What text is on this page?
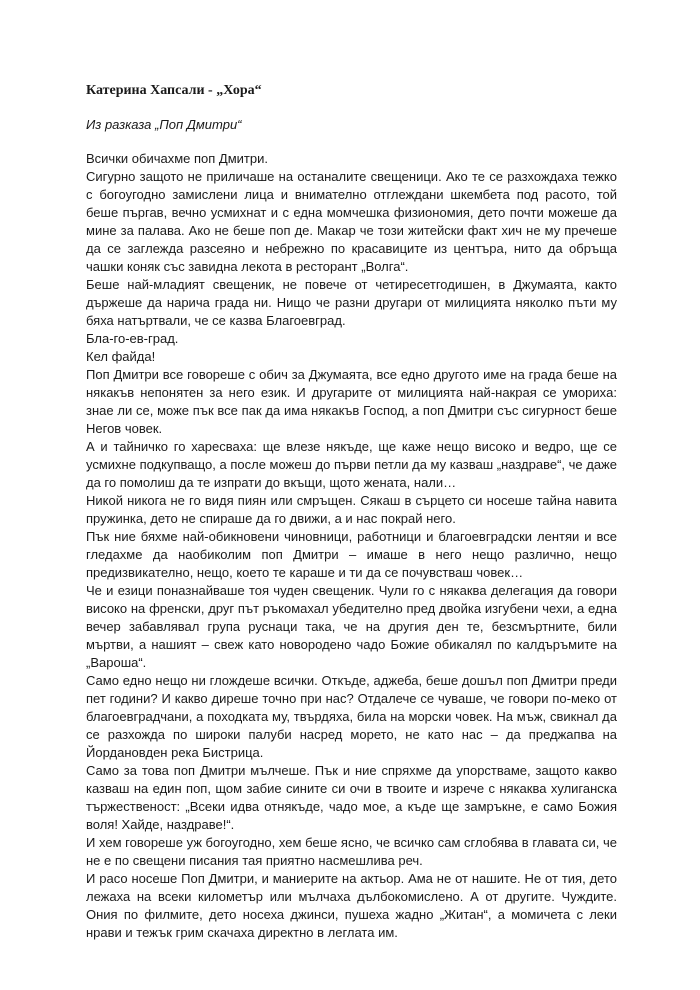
Катерина Хапсали - „Хора“

Из разказа „Поп Дмитри“

Всички обичахме поп Дмитри.

Сигурно защото не приличаше на останалите свещеници. Ако те се разхождаха тежко с богоугодно замислени лица и внимателно отглеждани шкембета под расото, той беше пъргав, вечно усмихнат и с една момчешка физиономия, дето почти можеше да мине за палава. Ако не беше поп де. Макар че този житейски факт хич не му пречеше да се заглежда разсеяно и небрежно по красавиците из центъра, нито да обръща чашки коняк със завидна лекота в ресторант „Волга“.

Беше най-младият свещеник, не повече от четиресетгодишен, в Джумаята, както държеше да нарича града ни. Нищо че разни другари от милицията няколко пъти му бяха натъртвали, че се казва Благоевград.

Бла-го-ев-град.

Кел файда!

Поп Дмитри все говореше с обич за Джумаята, все едно другото име на града беше на някакъв непонятен за него език. И другарите от милицията най-накрая се уморихa: знае ли се, може пък все пак да има някакъв Господ, а поп Дмитри със сигурност беше Негов човек.

А и тайничко го харесваха: ще влезе някъде, ще каже нещо високо и ведро, ще се усмихне подкупващо, а после можеш до първи петли да му казваш „наздраве“, че даже да го помолиш да те изпрати до вкъщи, щото жената, нали…

Никой никога не го видя пиян или смръщен. Сякаш в сърцето си носеше тайна навита пружинка, дето не спираше да го движи, а и нас покрай него.

Пък ние бяхме най-обикновени чиновници, работници и благоевградски лентяи и все гледахме да наобиколим поп Дмитри – имаше в него нещо различно, нещо предизвикателно, нещо, което те караше и ти да се почувстваш човек…

Че и езици поназнайваше тоя чуден свещеник. Чули го с някаква делегация да говори високо на френски, друг път ръкомахал убедително пред двойка изгубени чехи, а една вечер забавлявал група руснаци така, че на другия ден те, безсмъртните, били мъртви, а нашият – свеж като новородено чадо Божие обикалял по калдъръмите на „Вароша“.

Само едно нещо ни глождеше всички. Откъде, аджеба, беше дошъл поп Дмитри преди пет години? И какво диреше точно при нас? Отдалече се чуваше, че говори по-меко от благоевградчани, а походката му, твърдяха, била на морски човек. На мъж, свикнал да се разхожда по широки палуби насред морето, не като нас – да преджапва на Йордановден река Бистрица.

Само за това поп Дмитри мълчеше. Пък и ние спряхме да упорстваме, защото какво казваш на един поп, щом забие сините си очи в твоите и изрече с някаква хулиганска тържественост: „Всеки идва отнякъде, чадо мое, а къде ще замръкне, е само Божия воля! Хайде, наздраве!“.

И хем говореше уж богоугодно, хем беше ясно, че всичко сам сглобява в главата си, че не е по свещени писания тая приятно насмешлива реч.

И расо носеше Поп Дмитри, и маниерите на актьор. Ама не от нашите. Не от тия, дето лежаха на всеки километър или мълчаха дълбокомислено. А от другите. Чуждите. Ония по филмите, дето носеха джинси, пушеха жадно „Житан“, а момичета с леки нрави и тежък грим скачаха директно в леглата им.
